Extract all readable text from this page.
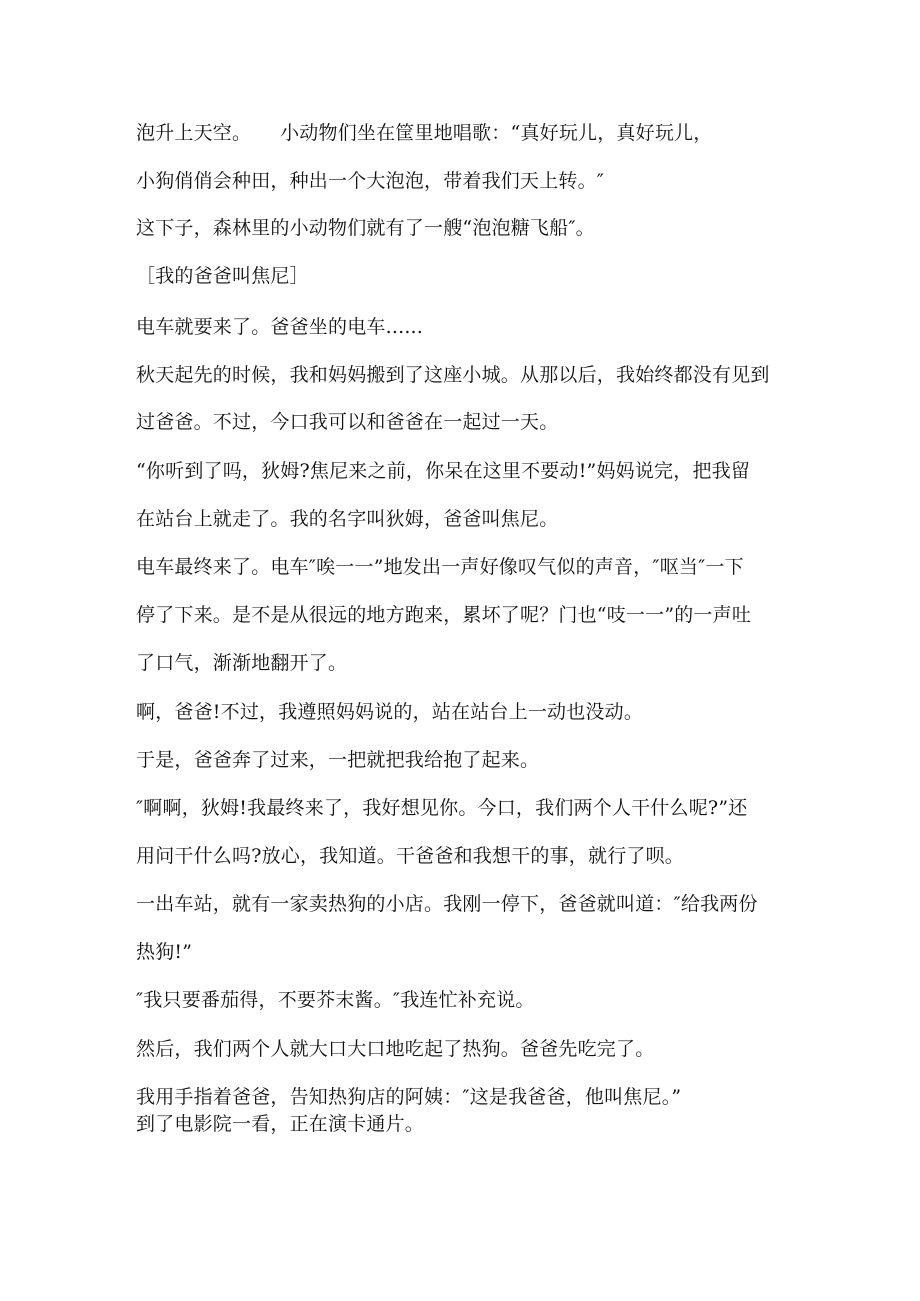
泡升上天空。　　小动物们坐在筐里地唱歌：“真好玩儿，真好玩儿，
小狗俏俏会种田，种出一个大泡泡，带着我们天上转。″
这下子，森林里的小动物们就有了一艘“泡泡糖飞船″。
［我的爸爸叫焦尼］
电车就要来了。爸爸坐的电车......
秋天起先的时候，我和妈妈搬到了这座小城。从那以后，我始终都没有见到
过爸爸。不过，今口我可以和爸爸在一起过一天。
“你听到了吗，狄姆?焦尼来之前，你呆在这里不要动!”妈妈说完，把我留
在站台上就走了。我的名字叫狄姆，爸爸叫焦尼。
电车最终来了。电车″唉一一”地发出一声好像叹气似的声音，″呕当″一下
停了下来。是不是从很远的地方跑来，累坏了呢？门也“吱一一”的一声吐
了口气，渐渐地翻开了。
啊，爸爸!不过，我遵照妈妈说的，站在站台上一动也没动。
于是，爸爸奔了过来，一把就把我给抱了起来。
″啊啊，狄姆!我最终来了，我好想见你。今口，我们两个人干什么呢?”还
用问干什么吗?放心，我知道。干爸爸和我想干的事，就行了呗。
一出车站，就有一家卖热狗的小店。我刚一停下，爸爸就叫道：″给我两份
热狗!”
″我只要番茄得，不要芥末酱。″我连忙补充说。
然后，我们两个人就大口大口地吃起了热狗。爸爸先吃完了。
我用手指着爸爸，告知热狗店的阿姨：″这是我爸爸，他叫焦尼。”
到了电影院一看，正在演卡通片。
